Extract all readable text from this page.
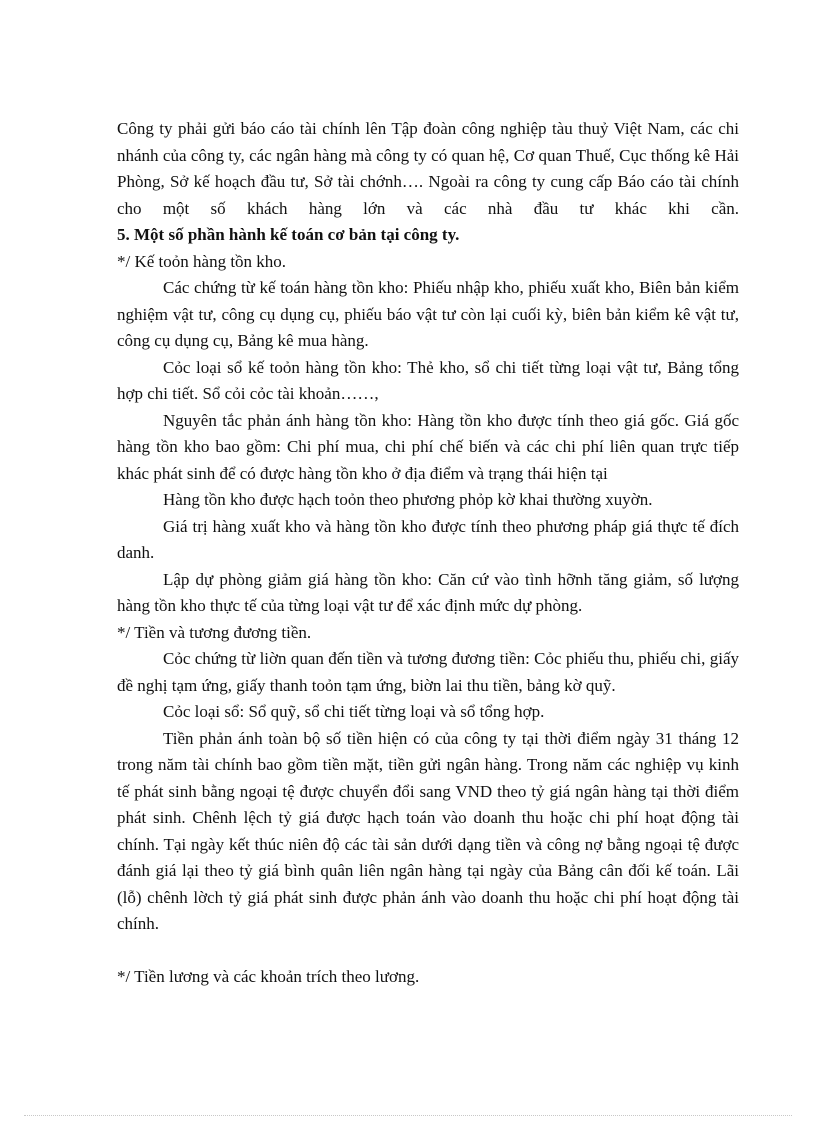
Công ty phải gửi báo cáo tài chính lên Tập đoàn công nghiệp tàu thuỷ Việt Nam, các chi nhánh của công ty, các ngân hàng mà công ty có quan hệ, Cơ quan Thuế, Cục thống kê Hải Phòng, Sở kế hoạch đầu tư, Sở tài chớnh…. Ngoài ra công ty cung cấp Báo cáo tài chính cho một số khách hàng lớn và các nhà đầu tư khác khi cần.

5. Một số phần hành kế toán cơ bản tại công ty.

*/ Kế toỏn hàng tồn kho.

Các chứng từ kế toán hàng tồn kho: Phiếu nhập kho, phiếu xuất kho, Biên bản kiểm nghiệm vật tư, công cụ dụng cụ, phiếu báo vật tư còn lại cuối kỳ, biên bản kiểm kê vật tư, công cụ dụng cụ, Bảng kê mua hàng.

Cỏc loại sổ kế toỏn hàng tồn kho: Thẻ kho, sổ chi tiết từng loại vật tư, Bảng tổng hợp chi tiết. Sổ cỏi cỏc tài khoản……,

Nguyên tắc phản ánh hàng tồn kho: Hàng tồn kho được tính theo giá gốc. Giá gốc hàng tồn kho bao gồm: Chi phí mua, chi phí chế biến và các chi phí liên quan trực tiếp khác phát sinh để có được hàng tồn kho ở địa điểm và trạng thái hiện tại

Hàng tồn kho được hạch toỏn theo phương phỏp kờ khai thường xuyờn.

Giá trị hàng xuất kho và hàng tồn kho được tính theo phương pháp giá thực tế đích danh.

Lập dự phòng giảm giá hàng tồn kho: Căn cứ vào tình hỡnh tăng giảm, số lượng hàng tồn kho thực tế của từng loại vật tư để xác định mức dự phòng.

*/ Tiền và tương đương tiền.

Cỏc chứng từ liờn quan đến tiền và tương đương tiền: Cỏc phiếu thu, phiếu chi, giấy đề nghị tạm ứng, giấy thanh toỏn tạm ứng, biờn lai thu tiền, bảng kờ quỹ.

Cỏc loại sổ: Sổ quỹ, sổ chi tiết từng loại và sổ tổng hợp.

Tiền phản ánh toàn bộ số tiền hiện có của công ty tại thời điểm ngày 31 tháng 12 trong năm tài chính bao gồm tiền mặt, tiền gửi ngân hàng. Trong năm các nghiệp vụ kinh tế phát sinh bằng ngoại tệ được chuyển đổi sang VND theo tỷ giá ngân hàng tại thời điểm phát sinh. Chênh lệch tỷ giá được hạch toán vào doanh thu hoặc chi phí hoạt động tài chính. Tại ngày kết thúc niên độ các tài sản dưới dạng tiền và công nợ bằng ngoại tệ được đánh giá lại theo tỷ giá bình quân liên ngân hàng tại ngày của Bảng cân đối kế toán. Lãi (lỗ) chênh lờch tỷ giá phát sinh được phản ánh vào doanh thu hoặc chi phí hoạt động tài chính.

*/ Tiền lương và các khoản trích theo lương.
